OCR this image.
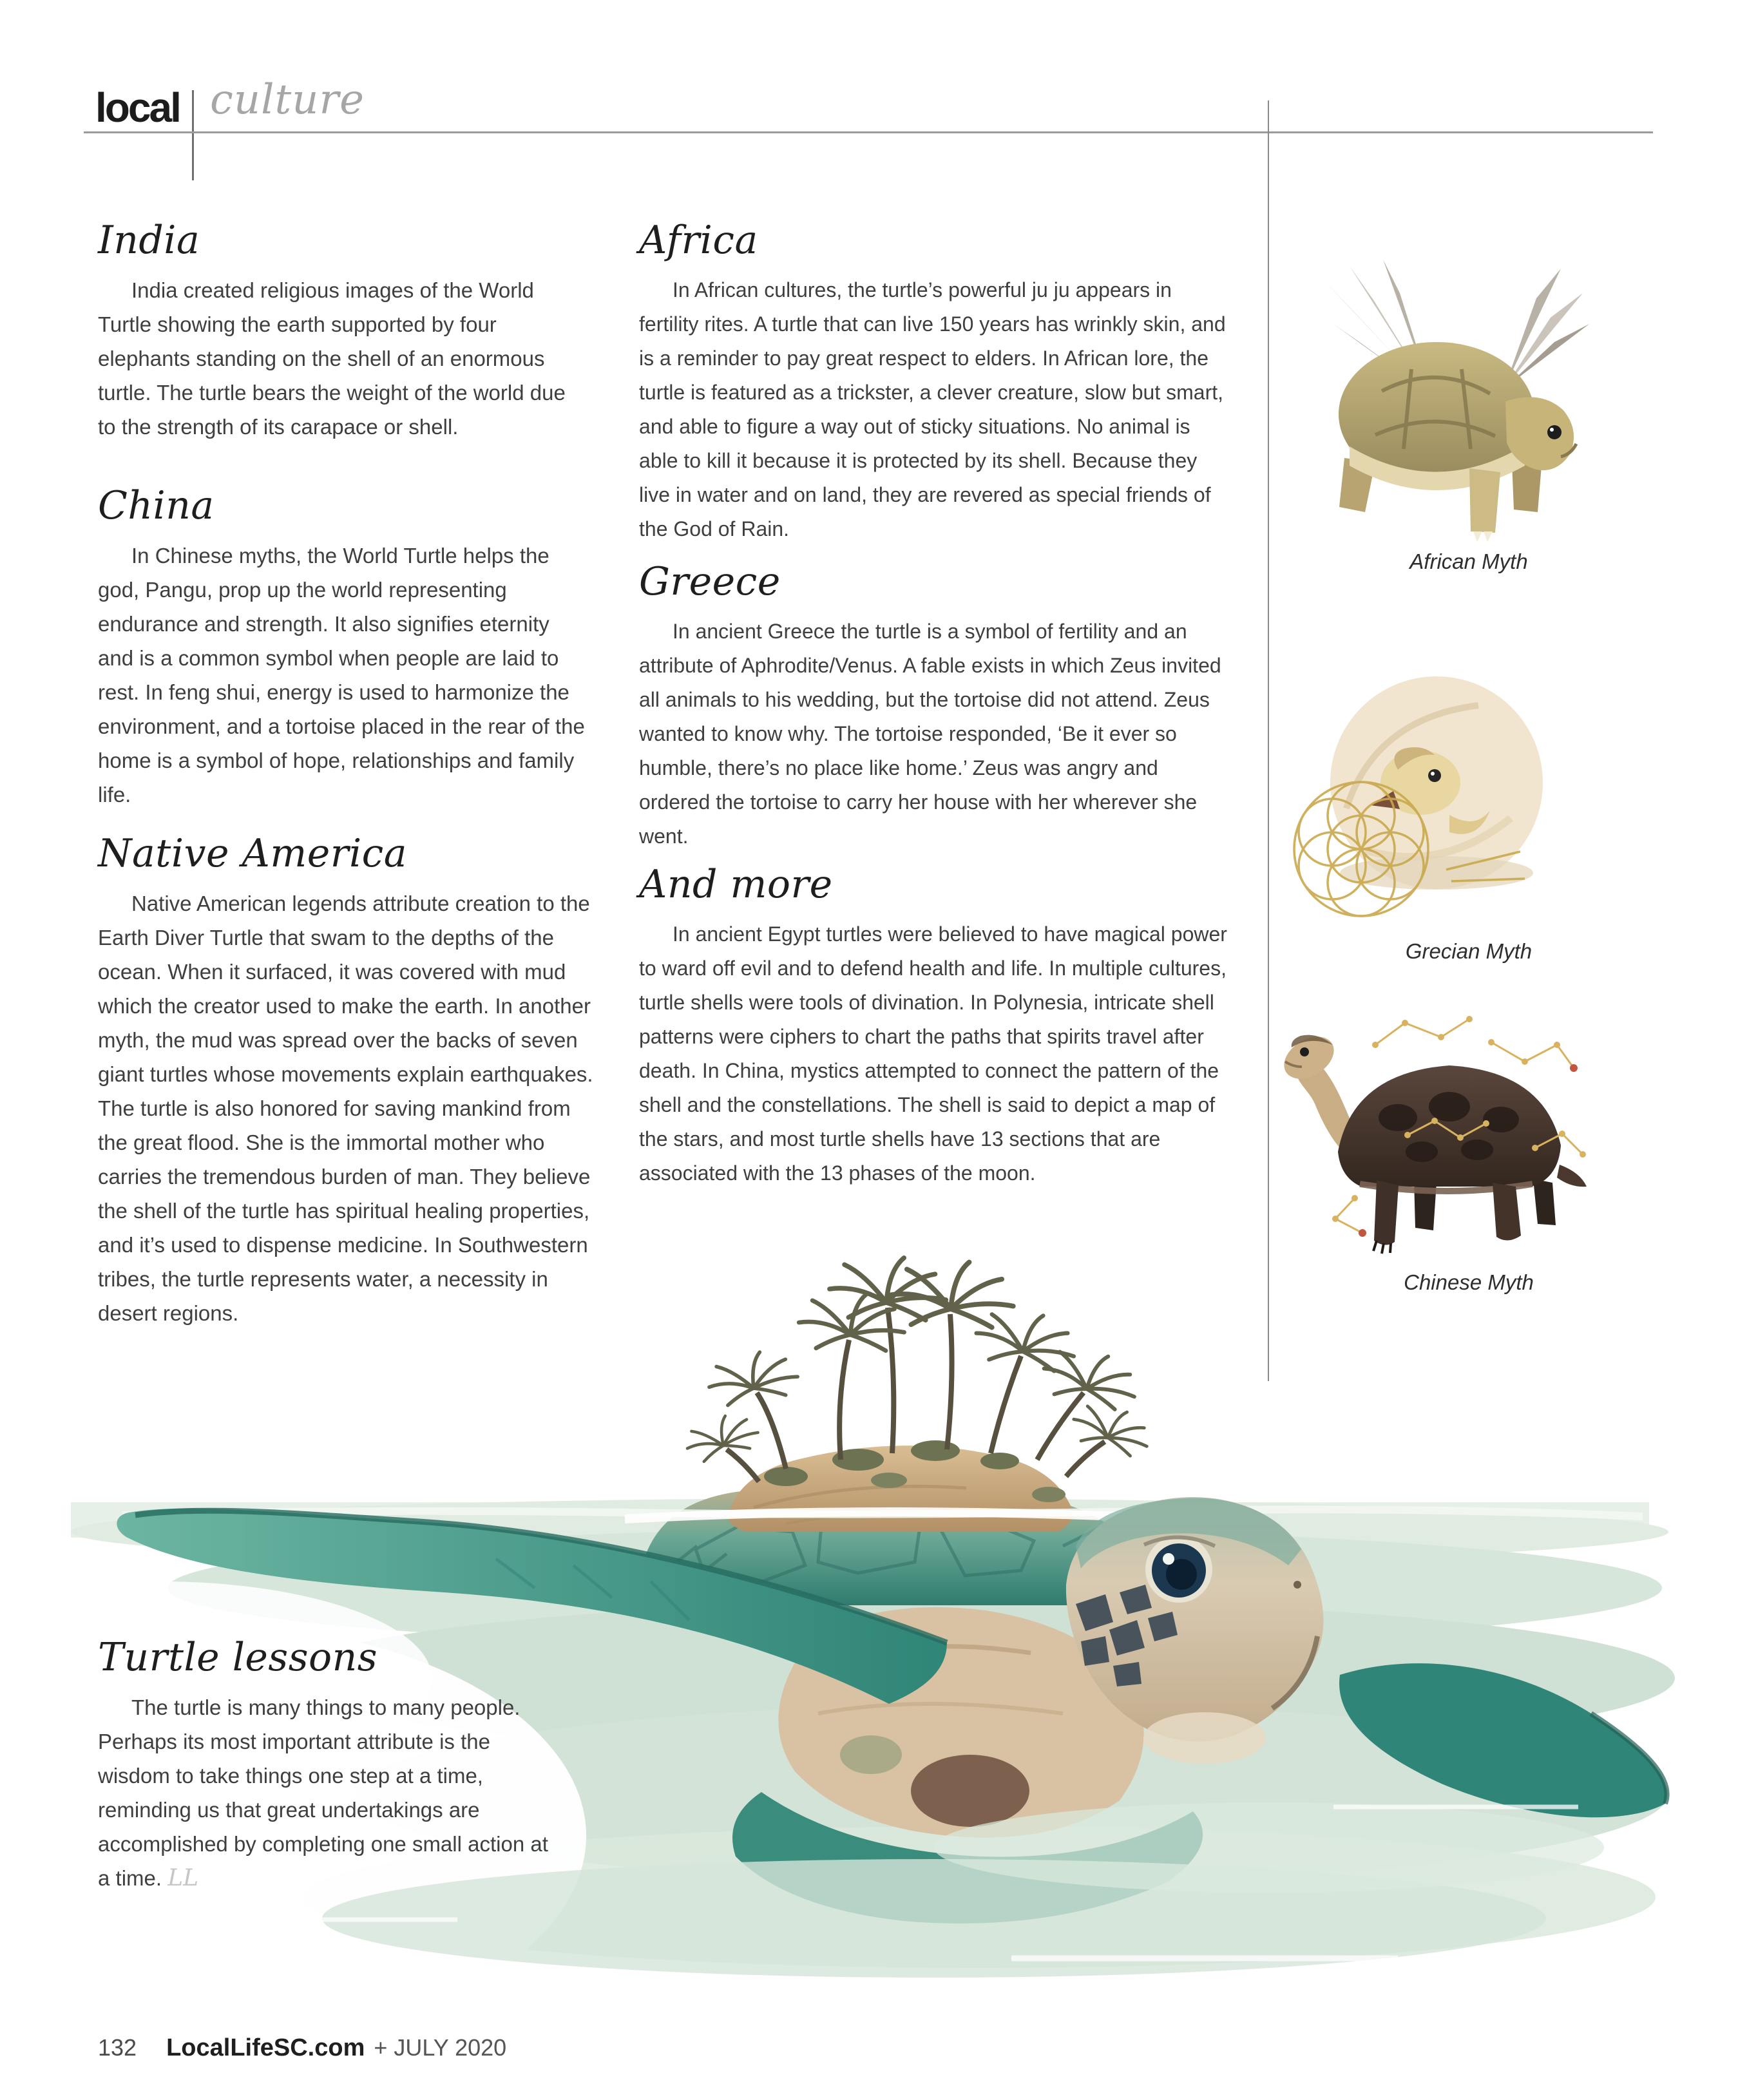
local culture
India

India created religious images of the World Turtle showing the earth supported by four elephants standing on the shell of an enormous turtle. The turtle bears the weight of the world due to the strength of its carapace or shell.

China

In Chinese myths, the World Turtle helps the god, Pangu, prop up the world representing endurance and strength. It also signifies eternity and is a common symbol when people are laid to rest. In feng shui, energy is used to harmonize the environment, and a tortoise placed in the rear of the home is a symbol of hope, relationships and family life.

Native America

Native American legends attribute creation to the Earth Diver Turtle that swam to the depths of the ocean. When it surfaced, it was covered with mud which the creator used to make the earth. In another myth, the mud was spread over the backs of seven giant turtles whose movements explain earthquakes. The turtle is also honored for saving mankind from the great flood. She is the immortal mother who carries the tremendous burden of man. They believe the shell of the turtle has spiritual healing properties, and it’s used to dispense medicine. In Southwestern tribes, the turtle represents water, a necessity in desert regions.

Africa

In African cultures, the turtle’s powerful ju ju appears in fertility rites. A turtle that can live 150 years has wrinkly skin, and is a reminder to pay great respect to elders. In African lore, the turtle is featured as a trickster, a clever creature, slow but smart, and able to figure a way out of sticky situations. No animal is able to kill it because it is protected by its shell. Because they live in water and on land, they are revered as special friends of the God of Rain.

Greece

In ancient Greece the turtle is a symbol of fertility and an attribute of Aphrodite/Venus. A fable exists in which Zeus invited all animals to his wedding, but the tortoise did not attend. Zeus wanted to know why. The tortoise responded, ‘Be it ever so humble, there’s no place like home.’ Zeus was angry and ordered the tortoise to carry her house with her wherever she went.

And more

In ancient Egypt turtles were believed to have magical power to ward off evil and to defend health and life. In multiple cultures, turtle shells were tools of divination. In Polynesia, intricate shell patterns were ciphers to chart the paths that spirits travel after death. In China, mystics attempted to connect the pattern of the shell and the constellations. The shell is said to depict a map of the stars, and most turtle shells have 13 sections that are associated with the 13 phases of the moon.

Turtle lessons

The turtle is many things to many people. Perhaps its most important attribute is the wisdom to take things one step at a time, reminding us that great undertakings are accomplished by completing one small action at a time. LL

African Myth
Grecian Myth
Chinese Myth
132 LocalLifeSC.com + JULY 2020
